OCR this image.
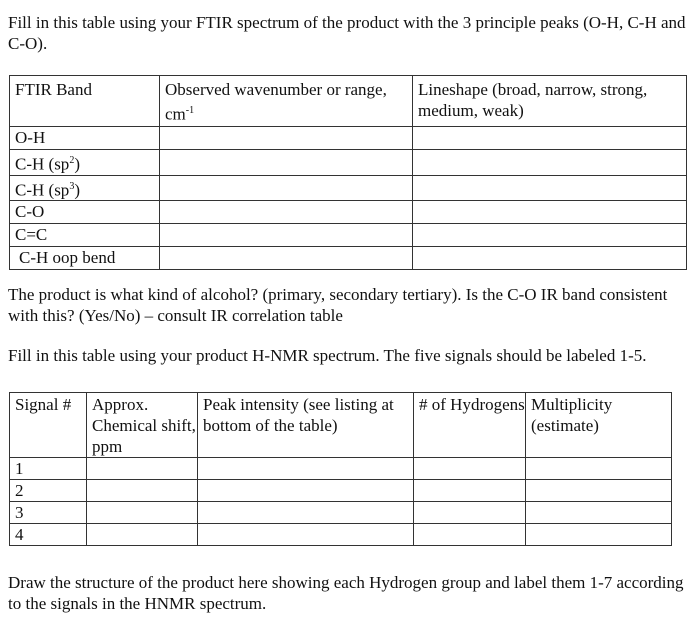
Fill in this table using your FTIR spectrum of the product with the 3 principle peaks (O-H, C-H and C-O).
FTIR Band	Observed wavenumber or range, $cm^{-1}$	Lineshape (broad, narrow, strong, medium, weak)
O-H		
C-H $(sp^2)$		
C-H $(sp^3)$		
C-O		
C=C		
C-H oop bend		
The product is what kind of alcohol? (primary, secondary tertiary). Is the C-O IR band consistent with this? (Yes/No) – consult IR correlation table
Fill in this table using your product H-NMR spectrum. The five signals should be labeled 1-5.
Signal #	Approx. Chemical shift, ppm	Peak intensity (see listing at bottom of the table)	# of Hydrogens	Multiplicity (estimate)
1				
2				
3				
4				
Draw the structure of the product here showing each Hydrogen group and label them 1-7 according to the signals in the HNMR spectrum.
